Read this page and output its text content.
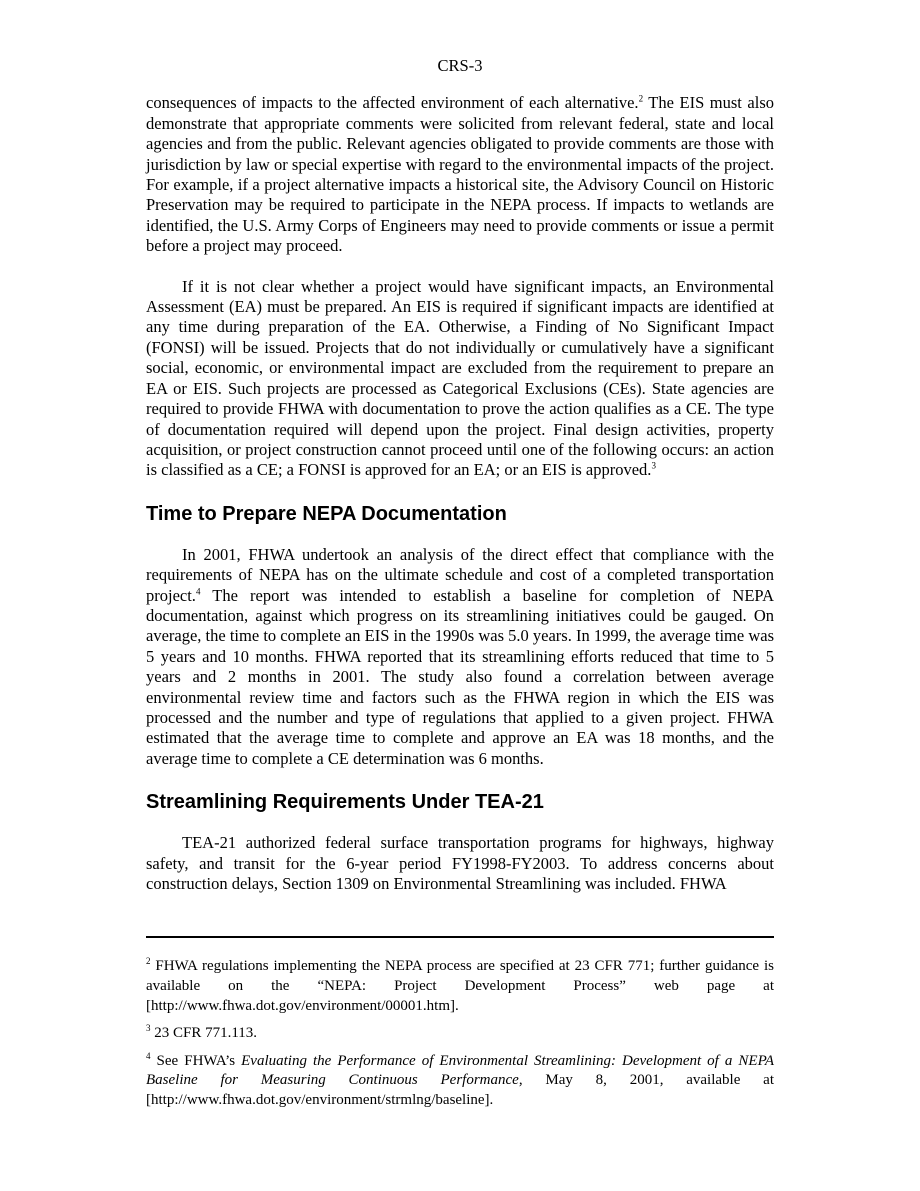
CRS-3

consequences of impacts to the affected environment of each alternative.$^2$ The EIS must also demonstrate that appropriate comments were solicited from relevant federal, state and local agencies and from the public. Relevant agencies obligated to provide comments are those with jurisdiction by law or special expertise with regard to the environmental impacts of the project. For example, if a project alternative impacts a historical site, the Advisory Council on Historic Preservation may be required to participate in the NEPA process. If impacts to wetlands are identified, the U.S. Army Corps of Engineers may need to provide comments or issue a permit before a project may proceed.

If it is not clear whether a project would have significant impacts, an Environmental Assessment (EA) must be prepared. An EIS is required if significant impacts are identified at any time during preparation of the EA. Otherwise, a Finding of No Significant Impact (FONSI) will be issued. Projects that do not individually or cumulatively have a significant social, economic, or environmental impact are excluded from the requirement to prepare an EA or EIS. Such projects are processed as Categorical Exclusions (CEs). State agencies are required to provide FHWA with documentation to prove the action qualifies as a CE. The type of documentation required will depend upon the project. Final design activities, property acquisition, or project construction cannot proceed until one of the following occurs: an action is classified as a CE; a FONSI is approved for an EA; or an EIS is approved.$^3$

Time to Prepare NEPA Documentation

In 2001, FHWA undertook an analysis of the direct effect that compliance with the requirements of NEPA has on the ultimate schedule and cost of a completed transportation project.$^4$ The report was intended to establish a baseline for completion of NEPA documentation, against which progress on its streamlining initiatives could be gauged. On average, the time to complete an EIS in the 1990s was 5.0 years. In 1999, the average time was 5 years and 10 months. FHWA reported that its streamlining efforts reduced that time to 5 years and 2 months in 2001. The study also found a correlation between average environmental review time and factors such as the FHWA region in which the EIS was processed and the number and type of regulations that applied to a given project. FHWA estimated that the average time to complete and approve an EA was 18 months, and the average time to complete a CE determination was 6 months.

Streamlining Requirements Under TEA-21

TEA-21 authorized federal surface transportation programs for highways, highway safety, and transit for the 6-year period FY1998-FY2003. To address concerns about construction delays, Section 1309 on Environmental Streamlining was included. FHWA

$^2$ FHWA regulations implementing the NEPA process are specified at 23 CFR 771; further guidance is available on the “NEPA: Project Development Process” web page at [http://www.fhwa.dot.gov/environment/00001.htm].

$^3$ 23 CFR 771.113.

$^4$ See FHWA’s Evaluating the Performance of Environmental Streamlining: Development of a NEPA Baseline for Measuring Continuous Performance, May 8, 2001, available at [http://www.fhwa.dot.gov/environment/strmlng/baseline].
